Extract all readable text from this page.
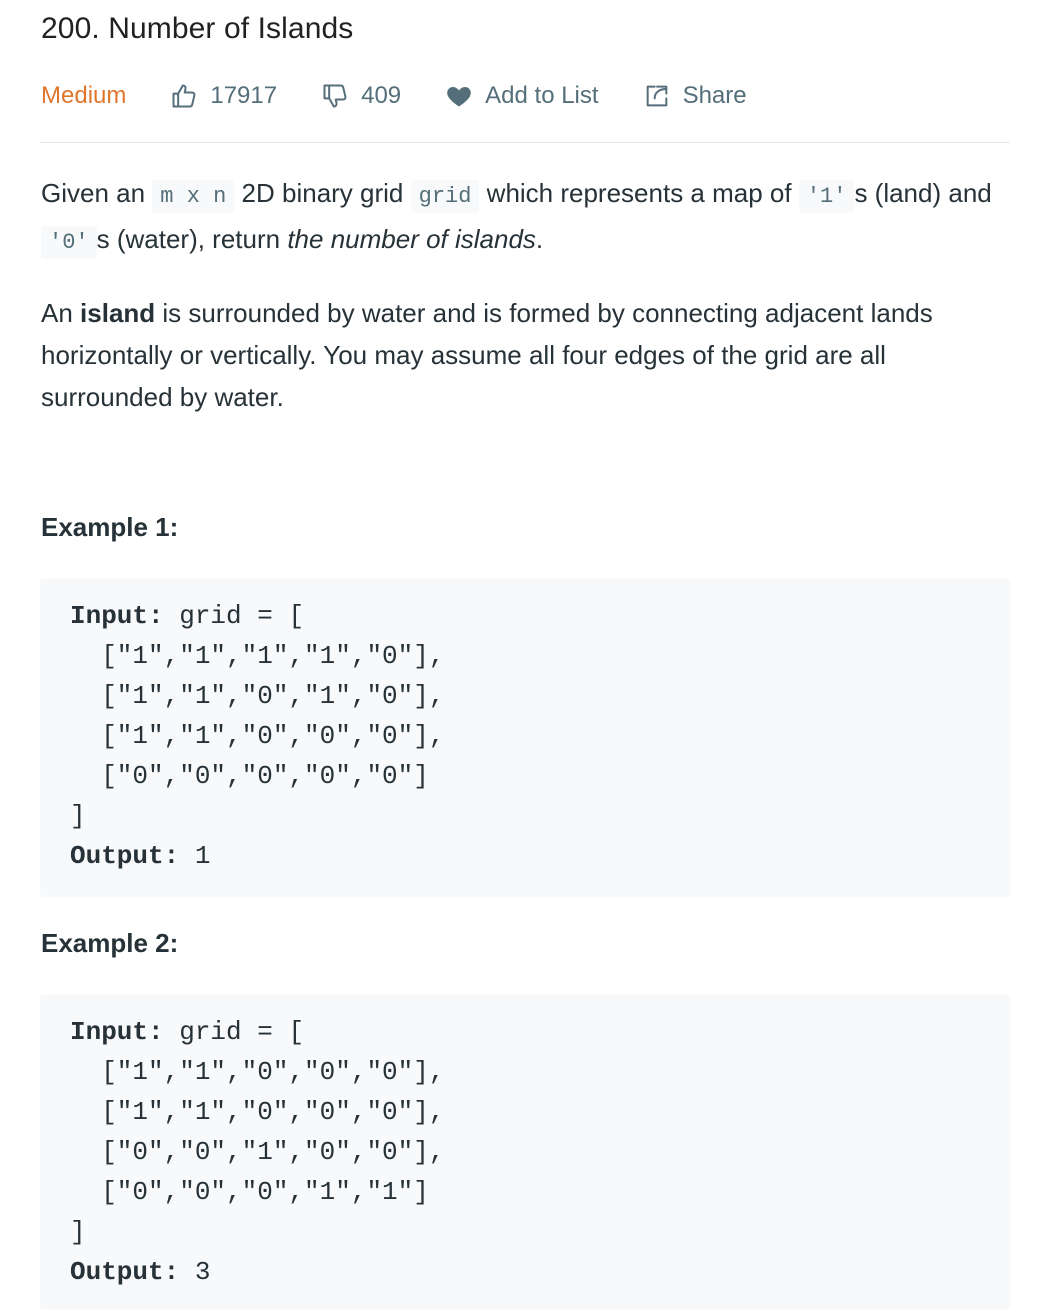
200. Number of Islands
Medium	17917	409	Add to List	Share

Given an m x n 2D binary grid grid which represents a map of '1' s (land) and '0' s (water), return the number of islands.

An island is surrounded by water and is formed by connecting adjacent lands horizontally or vertically. You may assume all four edges of the grid are all surrounded by water.

Example 1:
Input: grid = [
["1","1","1","1","0"],
["1","1","0","1","0"],
["1","1","0","0","0"],
["0","0","0","0","0"]
]
Output: 1
Example 2:
Input: grid = [
["1","1","0","0","0"],
["1","1","0","0","0"],
["0","0","1","0","0"],
["0","0","0","1","1"]
]
Output: 3
